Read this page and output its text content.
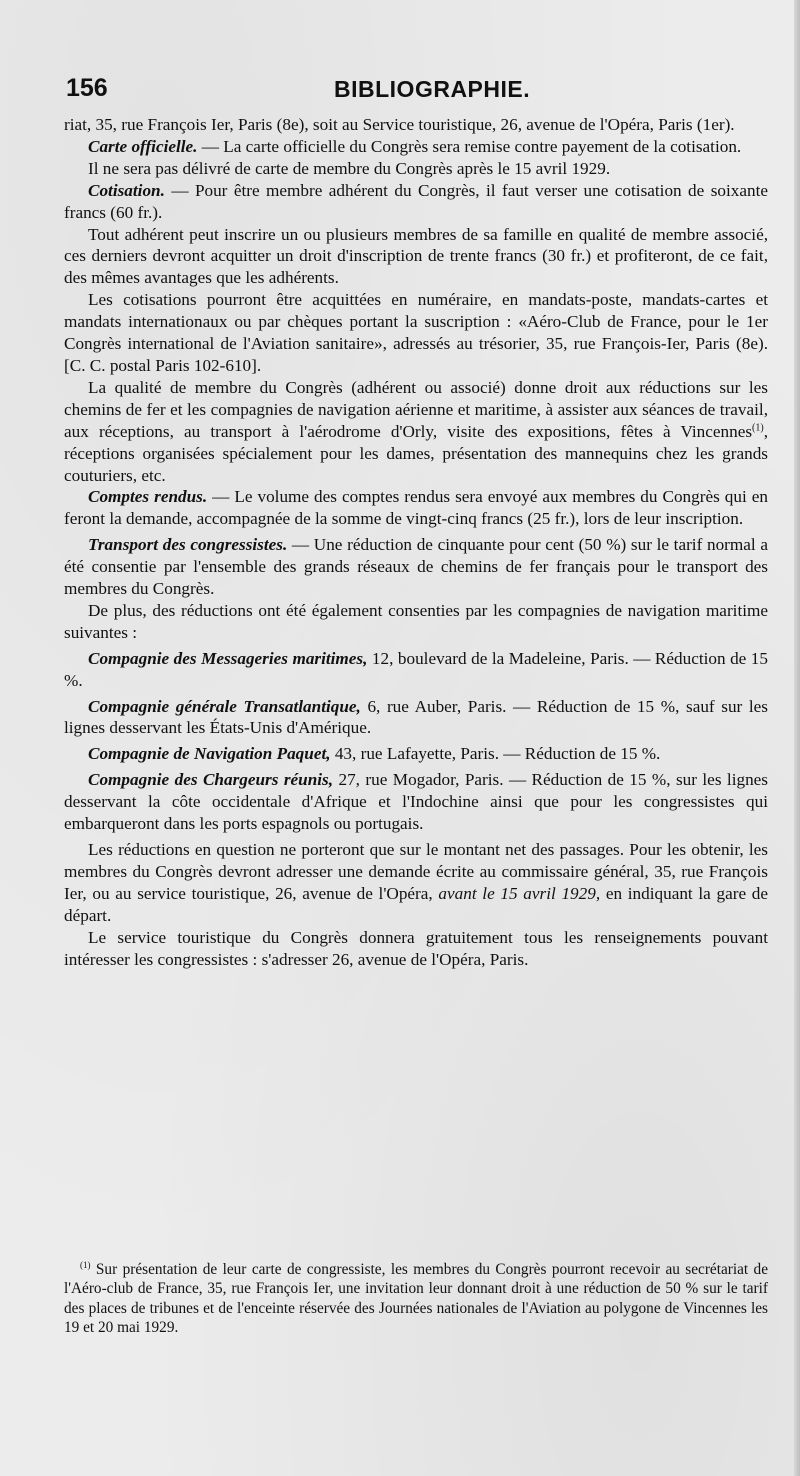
156	BIBLIOGRAPHIE.

riat, 35, rue François Ier, Paris (8e), soit au Service touristique, 26, avenue de l'Opéra, Paris (1er).

Carte officielle. — La carte officielle du Congrès sera remise contre payement de la cotisation.

Il ne sera pas délivré de carte de membre du Congrès après le 15 avril 1929.

Cotisation. — Pour être membre adhérent du Congrès, il faut verser une cotisation de soixante francs (60 fr.).

Tout adhérent peut inscrire un ou plusieurs membres de sa famille en qualité de membre associé, ces derniers devront acquitter un droit d'inscription de trente francs (30 fr.) et profiteront, de ce fait, des mêmes avantages que les adhérents.

Les cotisations pourront être acquittées en numéraire, en mandats-poste, mandats-cartes et mandats internationaux ou par chèques portant la suscription : «Aéro-Club de France, pour le 1er Congrès international de l'Aviation sanitaire», adressés au trésorier, 35, rue François-Ier, Paris (8e). [C. C. postal Paris 102-610].

La qualité de membre du Congrès (adhérent ou associé) donne droit aux réductions sur les chemins de fer et les compagnies de navigation aérienne et maritime, à assister aux séances de travail, aux réceptions, au transport à l'aérodrome d'Orly, visite des expositions, fêtes à Vincennes$^{(1)}$, réceptions organisées spécialement pour les dames, présentation des mannequins chez les grands couturiers, etc.

Comptes rendus. — Le volume des comptes rendus sera envoyé aux membres du Congrès qui en feront la demande, accompagnée de la somme de vingt-cinq francs (25 fr.), lors de leur inscription.

Transport des congressistes. — Une réduction de cinquante pour cent (50 %) sur le tarif normal a été consentie par l'ensemble des grands réseaux de chemins de fer français pour le transport des membres du Congrès.

De plus, des réductions ont été également consenties par les compagnies de navigation maritime suivantes :

Compagnie des Messageries maritimes, 12, boulevard de la Madeleine, Paris. — Réduction de 15 %.

Compagnie générale Transatlantique, 6, rue Auber, Paris. — Réduction de 15 %, sauf sur les lignes desservant les États-Unis d'Amérique.

Compagnie de Navigation Paquet, 43, rue Lafayette, Paris. — Réduction de 15 %.

Compagnie des Chargeurs réunis, 27, rue Mogador, Paris. — Réduction de 15 %, sur les lignes desservant la côte occidentale d'Afrique et l'Indochine ainsi que pour les congressistes qui embarqueront dans les ports espagnols ou portugais.

Les réductions en question ne porteront que sur le montant net des passages. Pour les obtenir, les membres du Congrès devront adresser une demande écrite au commissaire général, 35, rue François Ier, ou au service touristique, 26, avenue de l'Opéra, avant le 15 avril 1929, en indiquant la gare de départ.

Le service touristique du Congrès donnera gratuitement tous les renseignements pouvant intéresser les congressistes : s'adresser 26, avenue de l'Opéra, Paris.

$^{(1)}$ Sur présentation de leur carte de congressiste, les membres du Congrès pourront recevoir au secrétariat de l'Aéro-club de France, 35, rue François Ier, une invitation leur donnant droit à une réduction de 50 % sur le tarif des places de tribunes et de l'enceinte réservée des Journées nationales de l'Aviation au polygone de Vincennes les 19 et 20 mai 1929.
